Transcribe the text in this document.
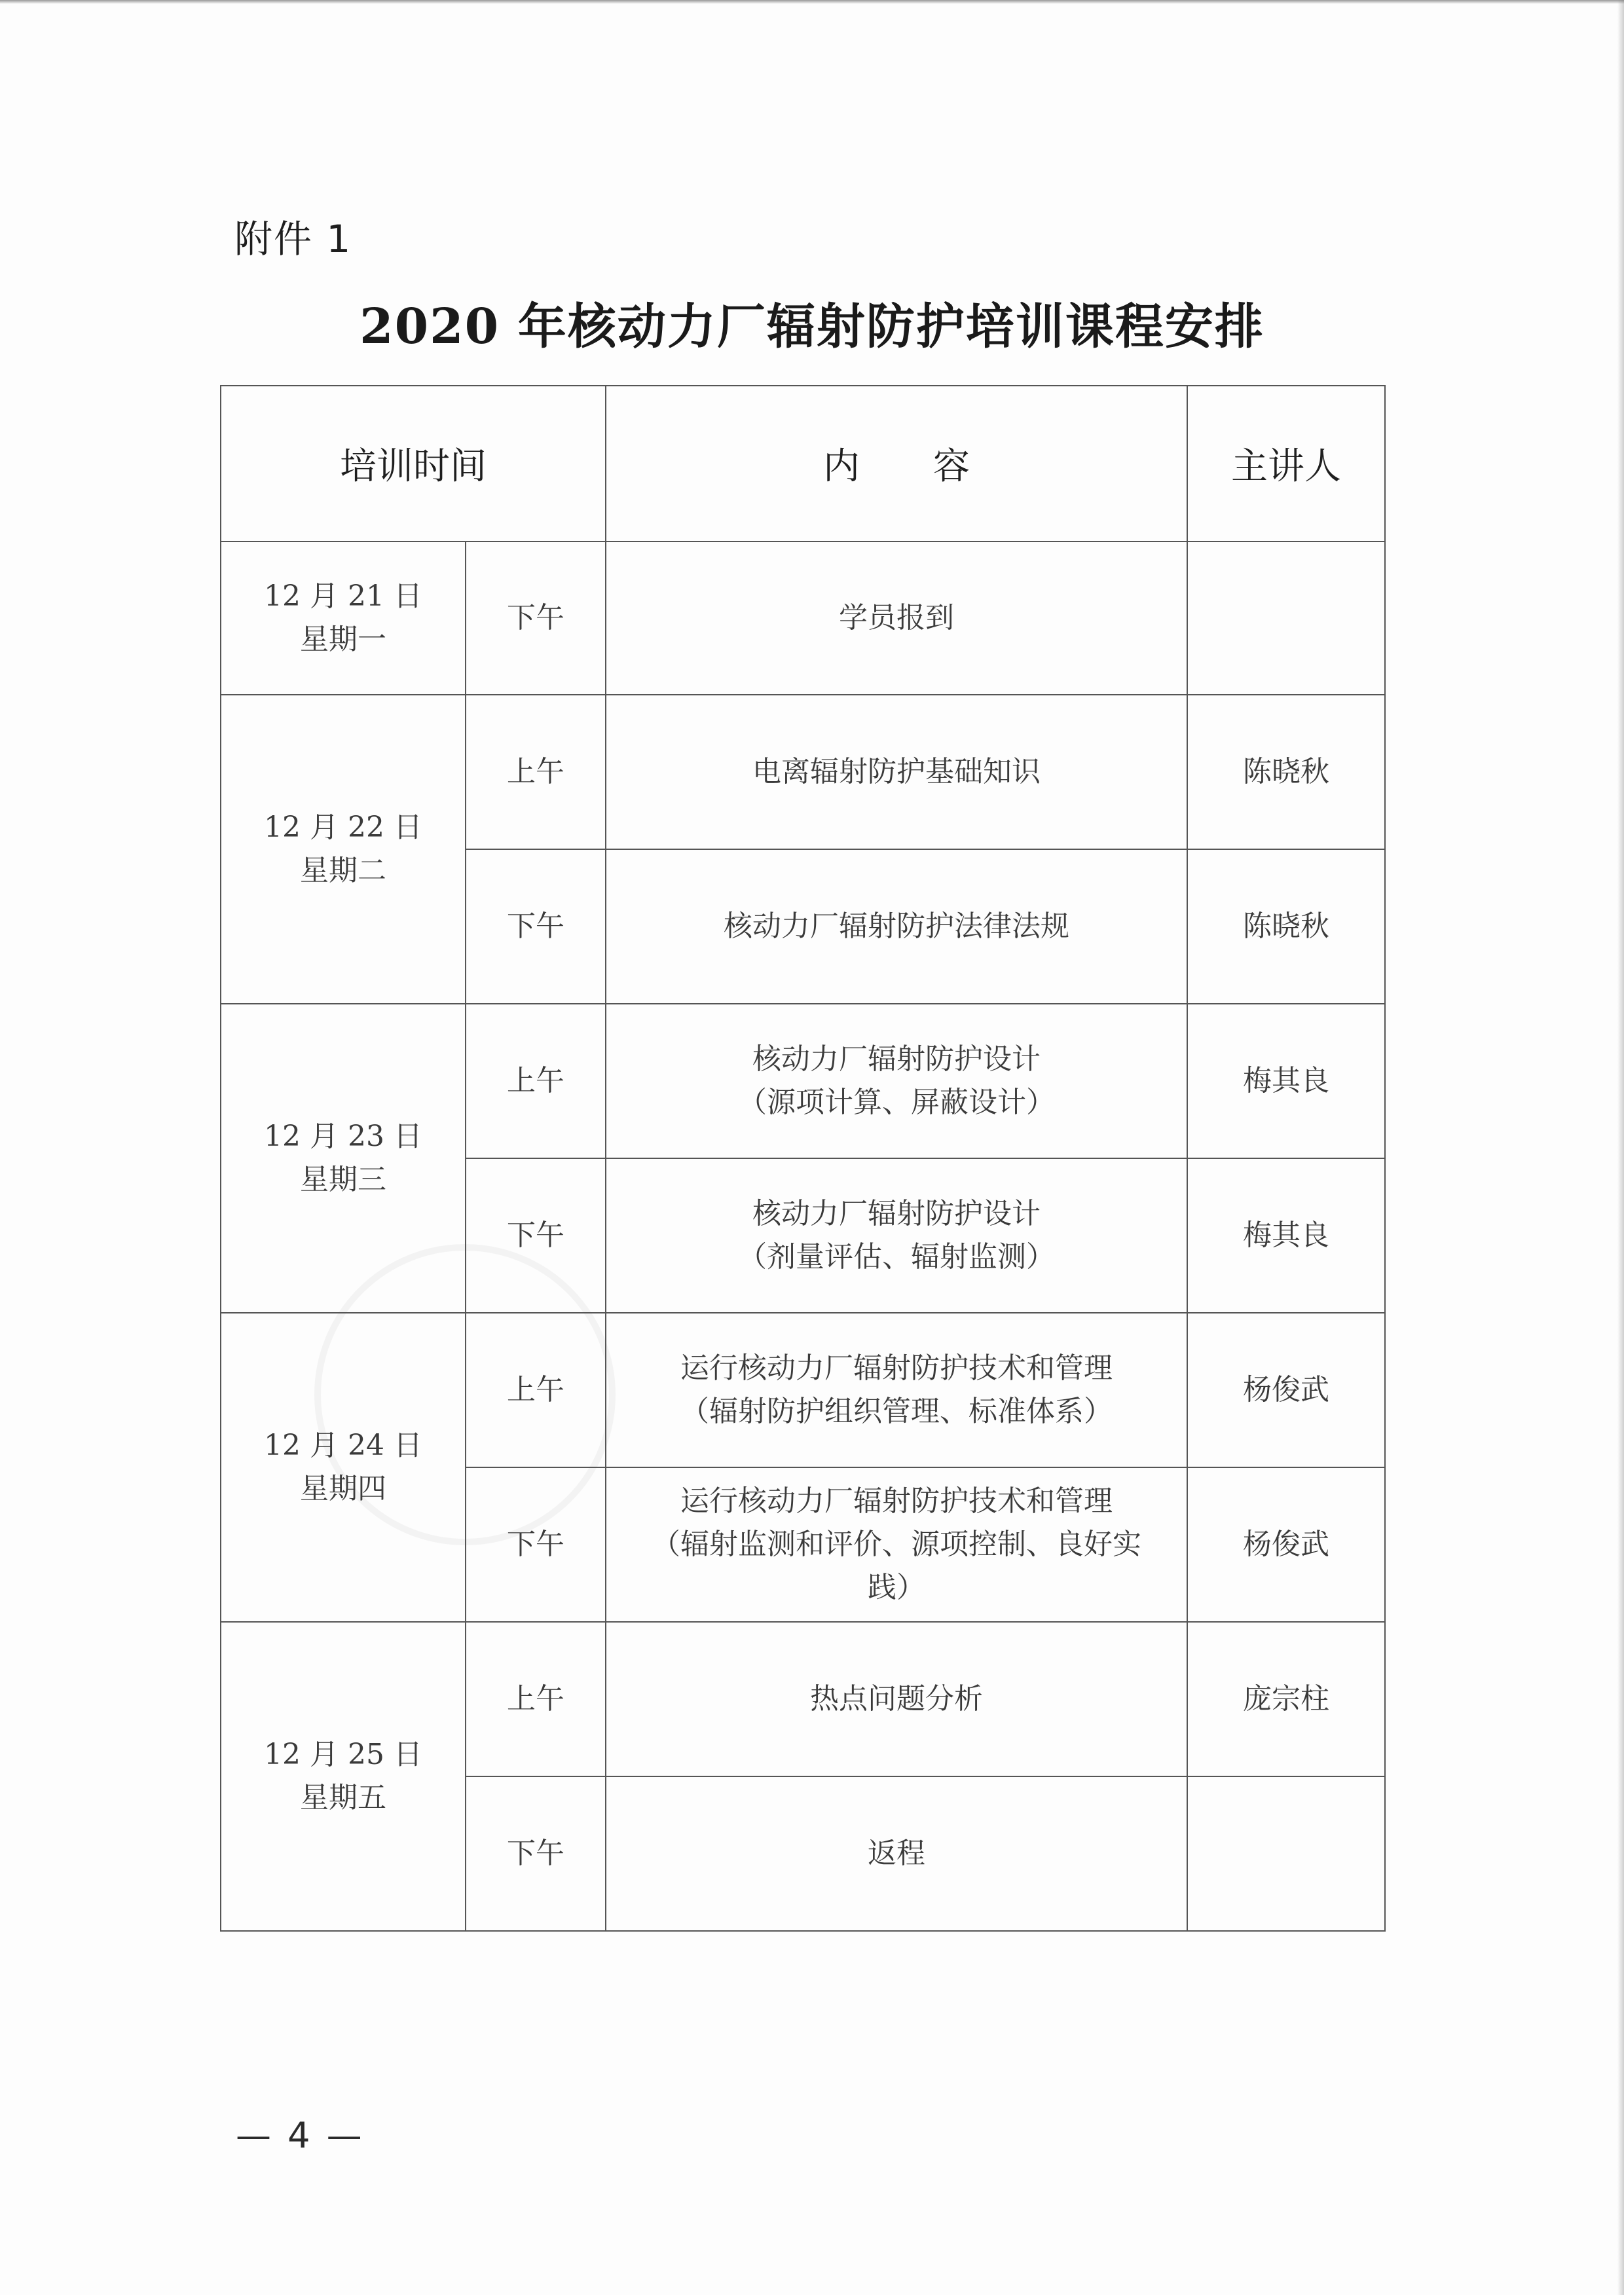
附件 1
2020 年核动力厂辐射防护培训课程安排
培训时间		内　　容	主讲人

12 月 21 日
星期一	下午	学员报到	

12 月 22 日
星期二	上午	电离辐射防护基础知识	陈晓秋
	下午	核动力厂辐射防护法律法规	陈晓秋

12 月 23 日
星期三	上午	核动力厂辐射防护设计
（源项计算、屏蔽设计）	梅其良
	下午	核动力厂辐射防护设计
（剂量评估、辐射监测）	梅其良

12 月 24 日
星期四	上午	运行核动力厂辐射防护技术和管理
（辐射防护组织管理、标准体系）	杨俊武
	下午	运行核动力厂辐射防护技术和管理
（辐射监测和评价、源项控制、良好实
践）	杨俊武

12 月 25 日
星期五	上午	热点问题分析	庞宗柱
	下午	返程	

— 4 —
